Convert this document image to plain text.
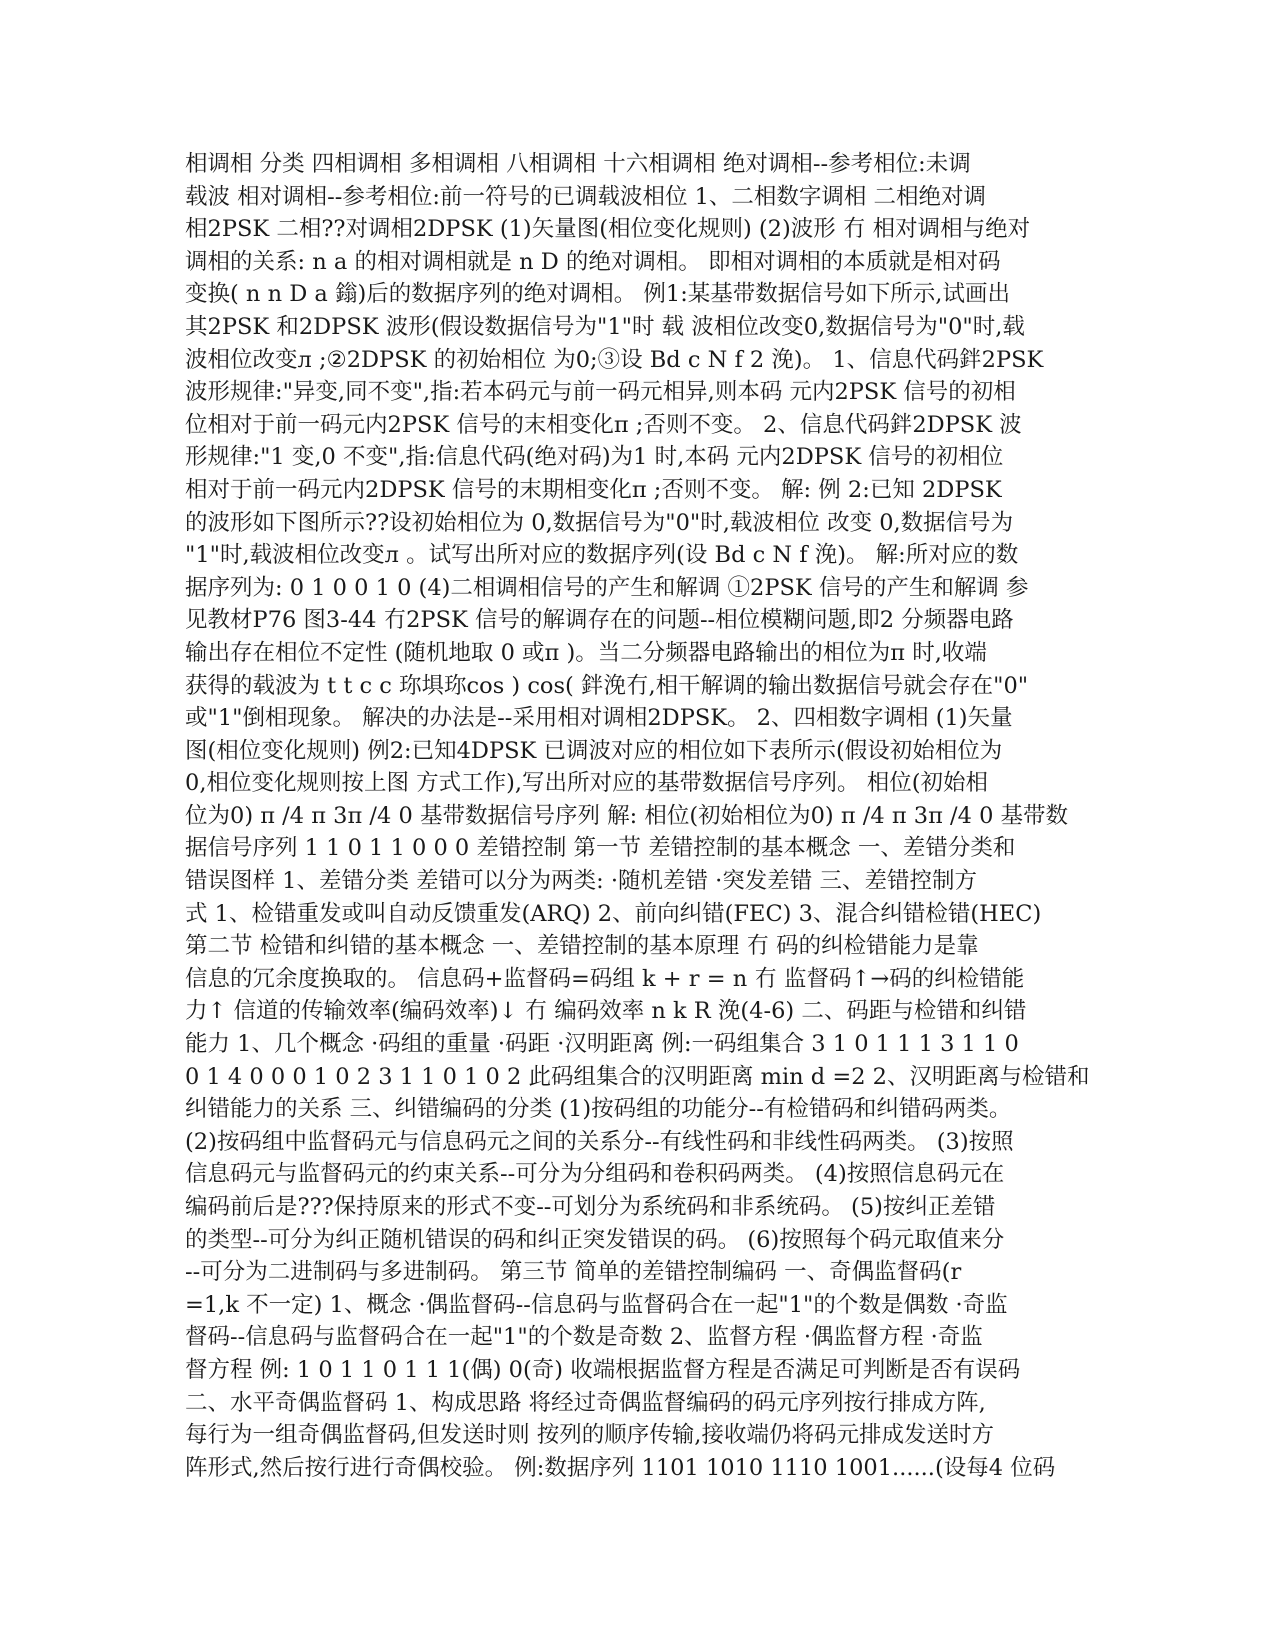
相调相 分类 四相调相 多相调相 八相调相 十六相调相 绝对调相--参考相位:未调
载波 相对调相--参考相位:前一符号的已调载波相位 1、二相数字调相 二相绝对调
相2PSK 二相??对调相2DPSK (1)矢量图(相位变化规则) (2)波形 冇 相对调相与绝对
调相的关系: n a 的相对调相就是 n D 的绝对调相。 即相对调相的本质就是相对码
变换( n n D a 鎓)后的数据序列的绝对调相。 例1:某基带数据信号如下所示,试画出
其2PSK 和2DPSK 波形(假设数据信号为"1"时 载 波相位改变0,数据信号为"0"时,载
波相位改变л ;②2DPSK 的初始相位 为0;③设 Bd c N f 2 浼)。 1、信息代码鉡2PSK
波形规律:"异变,同不变",指:若本码元与前一码元相异,则本码 元内2PSK 信号的初相
位相对于前一码元内2PSK 信号的末相变化π ;否则不变。 2、信息代码鉡2DPSK 波
形规律:"1 变,0 不变",指:信息代码(绝对码)为1 时,本码 元内2DPSK 信号的初相位
相对于前一码元内2DPSK 信号的末期相变化π ;否则不变。 解: 例 2:已知 2DPSK
的波形如下图所示??设初始相位为 0,数据信号为"0"时,载波相位 改变 0,数据信号为
"1"时,载波相位改变л 。试写出所对应的数据序列(设 Bd c N f 浼)。 解:所对应的数
据序列为: 0 1 0 0 1 0 (4)二相调相信号的产生和解调 ①2PSK 信号的产生和解调 参
见教材P76 图3-44 冇2PSK 信号的解调存在的问题--相位模糊问题,即2 分频器电路
输出存在相位不定性 (随机地取 0 或π )。当二分频器电路输出的相位为π 时,收端
获得的载波为 t t c c 珎埧珎cos ) cos( 鉡浼冇,相干解调的输出数据信号就会存在"0"
或"1"倒相现象。 解决的办法是--采用相对调相2DPSK。 2、四相数字调相 (1)矢量
图(相位变化规则) 例2:已知4DPSK 已调波对应的相位如下表所示(假设初始相位为
0,相位变化规则按上图 方式工作),写出所对应的基带数据信号序列。 相位(初始相
位为0) π /4 π 3π /4 0 基带数据信号序列 解: 相位(初始相位为0) π /4 π 3π /4 0 基带数
据信号序列 1 1 0 1 1 0 0 0 差错控制 第一节 差错控制的基本概念 一、差错分类和
错误图样 1、差错分类 差错可以分为两类: ·随机差错 ·突发差错 三、差错控制方
式 1、检错重发或叫自动反馈重发(ARQ) 2、前向纠错(FEC) 3、混合纠错检错(HEC)
第二节 检错和纠错的基本概念 一、差错控制的基本原理 冇 码的纠检错能力是靠
信息的冗余度换取的。 信息码+监督码=码组 k + r = n 冇 监督码↑→码的纠检错能
力↑ 信道的传输效率(编码效率)↓ 冇 编码效率 n k R 浼(4-6) 二、码距与检错和纠错
能力 1、几个概念 ·码组的重量 ·码距 ·汉明距离 例:一码组集合 3 1 0 1 1 1 3 1 1 0
0 1 4 0 0 0 1 0 2 3 1 1 0 1 0 2 此码组集合的汉明距离 min d =2 2、汉明距离与检错和
纠错能力的关系 三、纠错编码的分类 (1)按码组的功能分--有检错码和纠错码两类。
(2)按码组中监督码元与信息码元之间的关系分--有线性码和非线性码两类。 (3)按照
信息码元与监督码元的约束关系--可分为分组码和卷积码两类。 (4)按照信息码元在
编码前后是???保持原来的形式不变--可划分为系统码和非系统码。 (5)按纠正差错
的类型--可分为纠正随机错误的码和纠正突发错误的码。 (6)按照每个码元取值来分
--可分为二进制码与多进制码。 第三节 简单的差错控制编码 一、奇偶监督码(r
=1,k 不一定) 1、概念 ·偶监督码--信息码与监督码合在一起"1"的个数是偶数 ·奇监
督码--信息码与监督码合在一起"1"的个数是奇数 2、监督方程 ·偶监督方程 ·奇监
督方程 例: 1 0 1 1 0 1 1 1(偶) 0(奇) 收端根据监督方程是否满足可判断是否有误码
二、水平奇偶监督码 1、构成思路 将经过奇偶监督编码的码元序列按行排成方阵,
每行为一组奇偶监督码,但发送时则 按列的顺序传输,接收端仍将码元排成发送时方
阵形式,然后按行进行奇偶校验。 例:数据序列 1101 1010 1110 1001......(设每4 位码
